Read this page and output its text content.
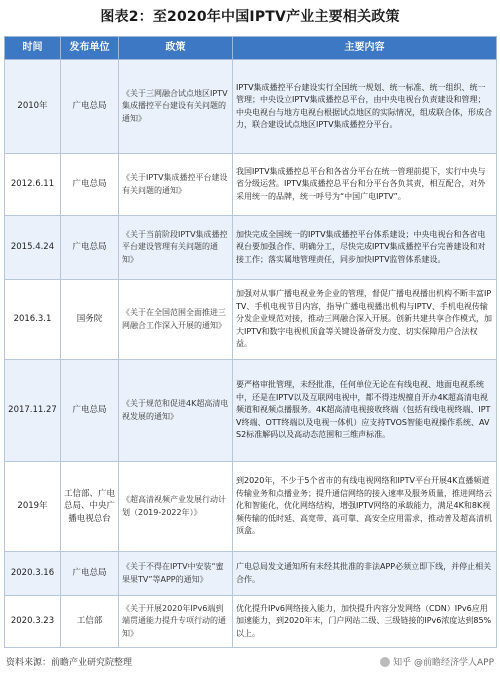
图表2：至2020年中国IPTV产业主要相关政策
时间	发布单位	政策	主要内容
2010年	广电总局	《关于三网融合试点地区IPTV集成播控平台建设有关问题的通知》	IPTV集成播控平台建设实行全国统一规划、统一标准、统一组织、统一管理；中央设立IPTV集成播控总平台，由中央电视台负责建设和管理；中央电视台与地方电视台根据试点地区的实际情况，组成联合体，形成合力，联合建设试点地区IPTV集成播控分平台。
2012.6.11	广电总局	《关于IPTV集成播控平台建设有关问题的通知》	我国IPTV集成播控总平台和各省分平台在统一管理前提下，实行中央与省分级运营。IPTV集成播控总平台和分平台各负其责，相互配合，对外采用统一的品牌，统一呼号为“中国广电IPTV”。
2015.4.24	广电总局	《关于当前阶段IPTV集成播控平台建设管理有关问题的通知》	加快完成全国统一的IPTV集成播控平台体系建设；中央电视台和各省电视台要加强合作、明确分工，尽快完成IPTV集成播控平台完善建设和对接工作；落实属地管理责任，同步加快IPTV监管体系建设。
2016.3.1	国务院	《关于在全国范围全面推进三网融合工作深入开展的通知》	加强对从事广播电视业务企业的管理，督促广播电视播出机构不断丰富IPTV、手机电视节目内容，指导广播电视播出机构与IPTV、手机电视传输分发企业规范对接，推动三网融合深入开展。创新共建共享合作模式，加大IPTV和数字电视机顶盒等关键设备研发力度、切实保障用户合法权益。
2017.11.27	广电总局	《关于规范和促进4K超高清电视发展的通知》	要严格审批管理，未经批准，任何单位无论在有线电视、地面电视系统中，还是在IPTV以及互联网电视中，都不得违规擅自开办4K超高清电视频道和视频点播服务。4K超高清电视接收终端（包括有线电视终端、IPTV终端、OTT终端以及电视一体机）应支持TVOS智能电视操作系统、AVS2标准解码以及高动态范围和三维声标准。
2019年	工信部、广电总局、中央广播电视总台	《超高清视频产业发展行动计划（2019-2022年）》	到2020年，不少于5个省市的有线电视网络和IPTV平台开展4K直播频道传输业务和点播业务；提升通信网络的接入速率及服务质量，推进网络云化和智能化，优化网络结构，增强IPTV网络的承载能力，满足4K和8K视频传输的低时延、高宽带、高可靠、高安全应用需求，推动普及超高清机顶盒。
2020.3.16	广电总局	《关于不得在IPTV中安装“蜜果果TV”等APP的通知》	广电总局发文通知所有未经其批准的非法APP必须立即下线，并停止相关合作。
2020.3.23	工信部	《关于开展2020年IPv6端到端贯通能力提升专项行动的通知》	优化提升IPv6网络接入能力，加快提升内容分发网络（CDN）IPv6应用加速能力，到2020年末，门户网站二级、三级链接的IPv6浓度达到85%以上。
资料来源：前瞻产业研究院整理	知乎 @前瞻经济学人APP
